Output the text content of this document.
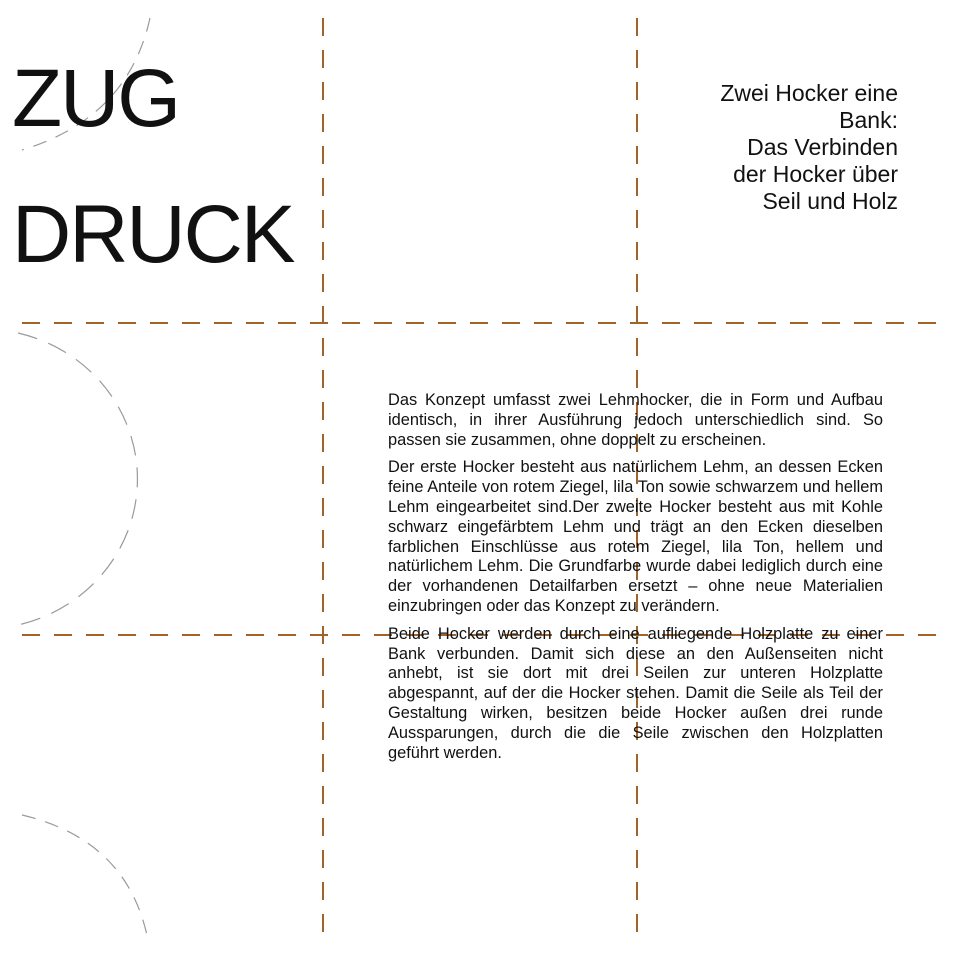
ZUG
DRUCK
Zwei Hocker eine
Bank:
Das Verbinden
der Hocker über
Seil und Holz

Das Konzept umfasst zwei Lehmhocker, die in Form und Aufbau identisch, in ihrer Ausführung jedoch unterschiedlich sind. So passen sie zusammen, ohne doppelt zu erscheinen.

Der erste Hocker besteht aus natürlichem Lehm, an dessen Ecken feine Anteile von rotem Ziegel, lila Ton sowie schwarzem und hellem Lehm eingearbeitet sind.Der zweite Hocker besteht aus mit Kohle schwarz eingefärbtem Lehm und trägt an den Ecken dieselben farblichen Einschlüsse aus rotem Ziegel, lila Ton, hellem und natürlichem Lehm. Die Grundfarbe wurde dabei lediglich durch eine der vorhandenen Detailfarben ersetzt – ohne neue Materialien einzubringen oder das Konzept zu verändern.

Beide Hocker werden durch eine aufliegende Holzplatte zu einer Bank verbunden. Damit sich diese an den Außenseiten nicht anhebt, ist sie dort mit drei Seilen zur unteren Holzplatte abgespannt, auf der die Hocker stehen. Damit die Seile als Teil der Gestaltung wirken, besitzen beide Hocker außen drei runde Aussparungen, durch die die Seile zwischen den Holzplatten geführt werden.
